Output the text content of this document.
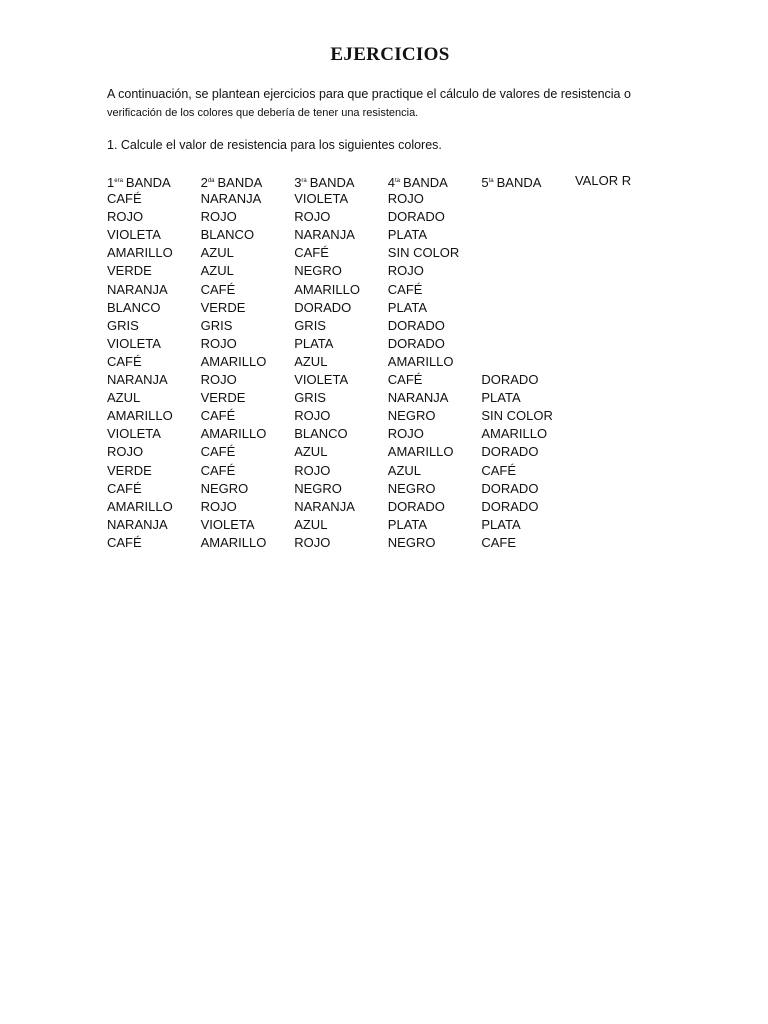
EJERCICIOS
A continuación, se plantean ejercicios para que practique el cálculo de valores de resistencia o
verificación de los colores que debería de tener una resistencia.
1. Calcule el valor de resistencia para los siguientes colores.
$1^{era}$ BANDA	$2^{da}$ BANDA	$3^{ra}$ BANDA	$4^{ta}$ BANDA	$5^{ta}$ BANDA	VALOR R
CAFÉ	NARANJA	VIOLETA	ROJO
ROJO	ROJO	ROJO	DORADO
VIOLETA	BLANCO	NARANJA	PLATA
AMARILLO	AZUL	CAFÉ	SIN COLOR
VERDE	AZUL	NEGRO	ROJO
NARANJA	CAFÉ	AMARILLO	CAFÉ
BLANCO	VERDE	DORADO	PLATA
GRIS	GRIS	GRIS	DORADO
VIOLETA	ROJO	PLATA	DORADO
CAFÉ	AMARILLO	AZUL	AMARILLO
NARANJA	ROJO	VIOLETA	CAFÉ	DORADO
AZUL	VERDE	GRIS	NARANJA	PLATA
AMARILLO	CAFÉ	ROJO	NEGRO	SIN COLOR
VIOLETA	AMARILLO	BLANCO	ROJO	AMARILLO
ROJO	CAFÉ	AZUL	AMARILLO	DORADO
VERDE	CAFÉ	ROJO	AZUL	CAFÉ
CAFÉ	NEGRO	NEGRO	NEGRO	DORADO
AMARILLO	ROJO	NARANJA	DORADO	DORADO
NARANJA	VIOLETA	AZUL	PLATA	PLATA
CAFÉ	AMARILLO	ROJO	NEGRO	CAFE
